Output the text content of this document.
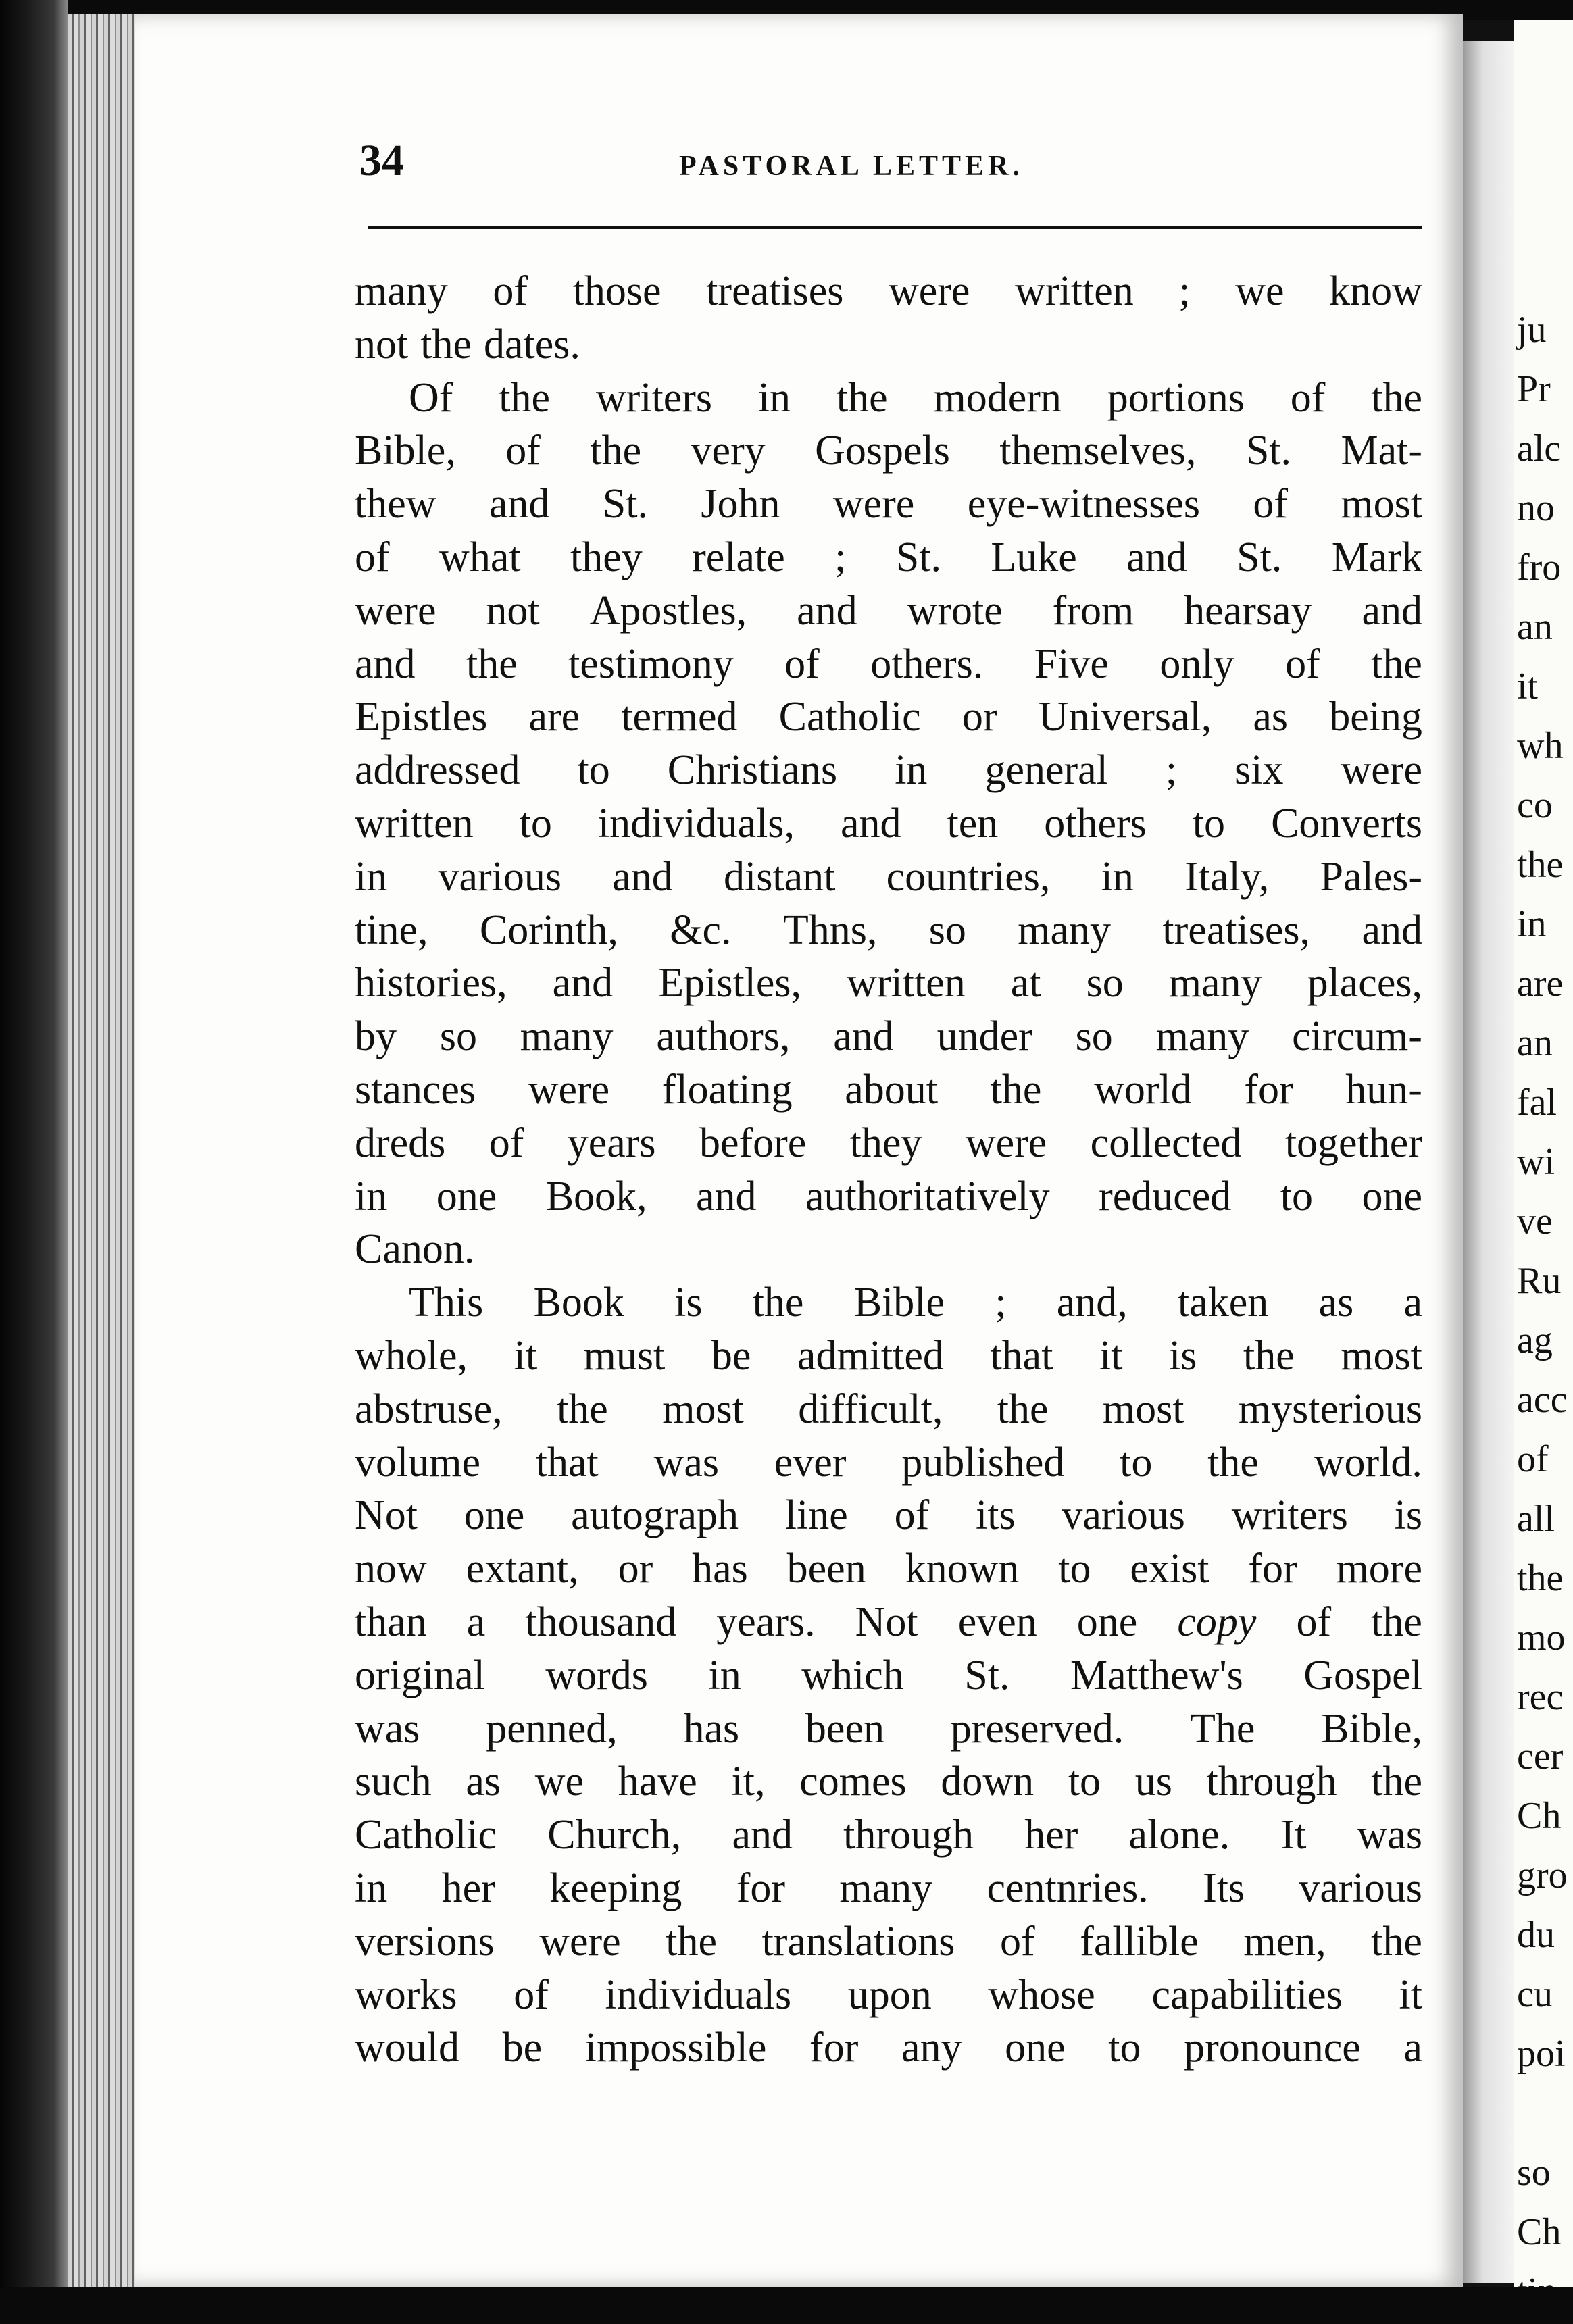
34	PASTORAL LETTER.
many of those treatises were written ; we know
not the dates.
Of the writers in the modern portions of the
Bible, of the very Gospels themselves, St. Mat-
thew and St. John were eye-witnesses of most
of what they relate ; St. Luke and St. Mark
were not Apostles, and wrote from hearsay and
and the testimony of others. Five only of the
Epistles are termed Catholic or Universal, as being
addressed to Christians in general ; six were
written to individuals, and ten others to Converts
in various and distant countries, in Italy, Pales-
tine, Corinth, &c. Thns, so many treatises, and
histories, and Epistles, written at so many places,
by so many authors, and under so many circum-
stances were floating about the world for hun-
dreds of years before they were collected together
in one Book, and authoritatively reduced to one
Canon.
This Book is the Bible ; and, taken as a
whole, it must be admitted that it is the most
abstruse, the most difficult, the most mysterious
volume that was ever published to the world.
Not one autograph line of its various writers is
now extant, or has been known to exist for more
than a thousand years. Not even one copy of the
original words in which St. Matthew's Gospel
was penned, has been preserved. The Bible,
such as we have it, comes down to us through the
Catholic Church, and through her alone. It was
in her keeping for many centnries. Its various
versions were the translations of fallible men, the
works of individuals upon whose capabilities it
would be impossible for any one to pronounce a
ju
Pr
alc
no
fro
an
it
wh
co
the
in
are
an
fal
wi
ve
Ru
ag
acc
of
all
the
mo
rec
cer
Ch
gro
du
cu
poi
so
Ch
